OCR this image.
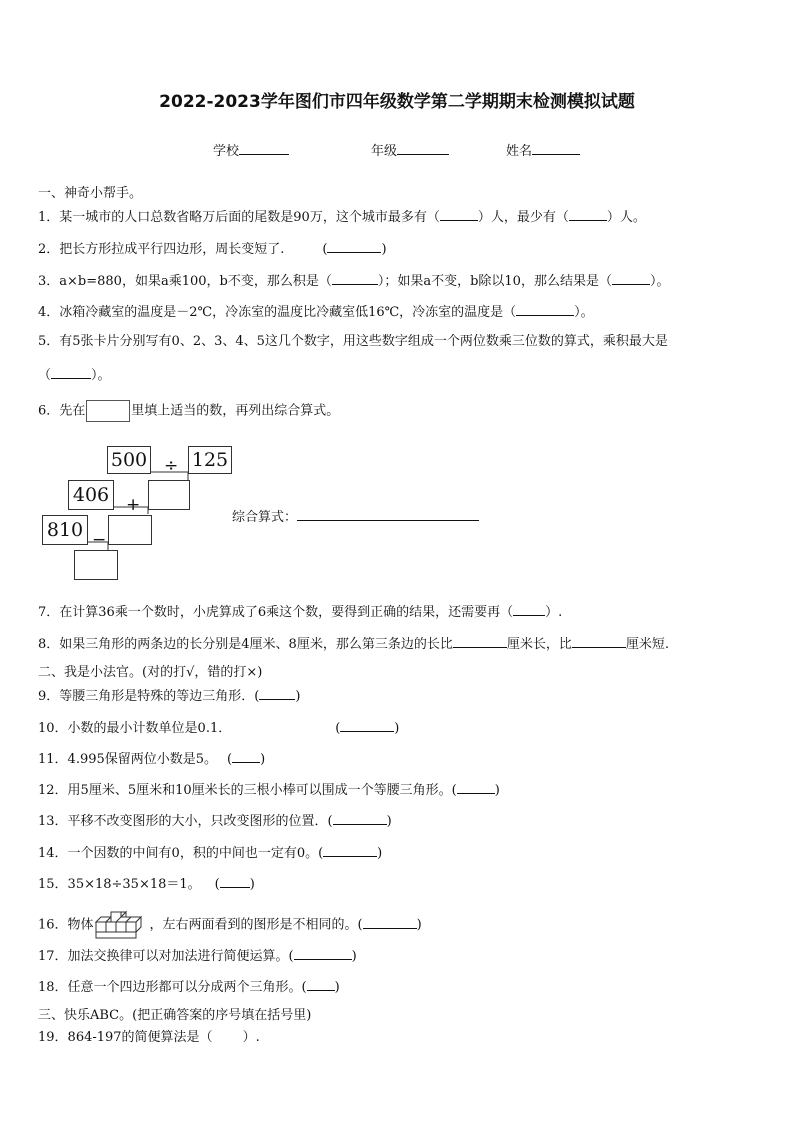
2022-2023学年图们市四年级数学第二学期期末检测模拟试题
学校	年级	姓名
一、神奇小帮手。
1．某一城市的人口总数省略万后面的尾数是90万，这个城市最多有（	）人，最少有（	）人。
2．把长方形拉成平行四边形，周长变短了.	(	)
3．a×b=880，如果a乘100，b不变，那么积是（	）；如果a不变，b除以10，那么结果是（	）。
4．冰箱冷藏室的温度是－2℃，冷冻室的温度比冷藏室低16℃，冷冻室的温度是（	）。
5．有5张卡片分别写有0、2、3、4、5这几个数字，用这些数字组成一个两位数乘三位数的算式，乘积最大是
（	）。
6．先在	里填上适当的数，再列出综合算式。
500 ÷ 125
406 +
810 −
综合算式：
7．在计算36乘一个数时，小虎算成了6乘这个数，要得到正确的结果，还需要再（ ）.
8．如果三角形的两条边的长分别是4厘米、8厘米，那么第三条边的长比	厘米长，比	厘米短.
二、我是小法官。(对的打√，错的打×)
9．等腰三角形是特殊的等边三角形．(	)
10．小数的最小计数单位是0.1．	(	)
11．4.995保留两位小数是5。 ( )
12．用5厘米、5厘米和10厘米长的三根小棒可以围成一个等腰三角形。(	)
13．平移不改变图形的大小，只改变图形的位置．(	)
14．一个因数的中间有0，积的中间也一定有0。(	)
15．35×18÷35×18＝1。 ( )
16．物体	，左右两面看到的图形是不相同的。(	)
17．加法交换律可以对加法进行简便运算。(	)
18．任意一个四边形都可以分成两个三角形。( )
三、快乐ABC。(把正确答案的序号填在括号里)
19．864-197的简便算法是（ ）.
